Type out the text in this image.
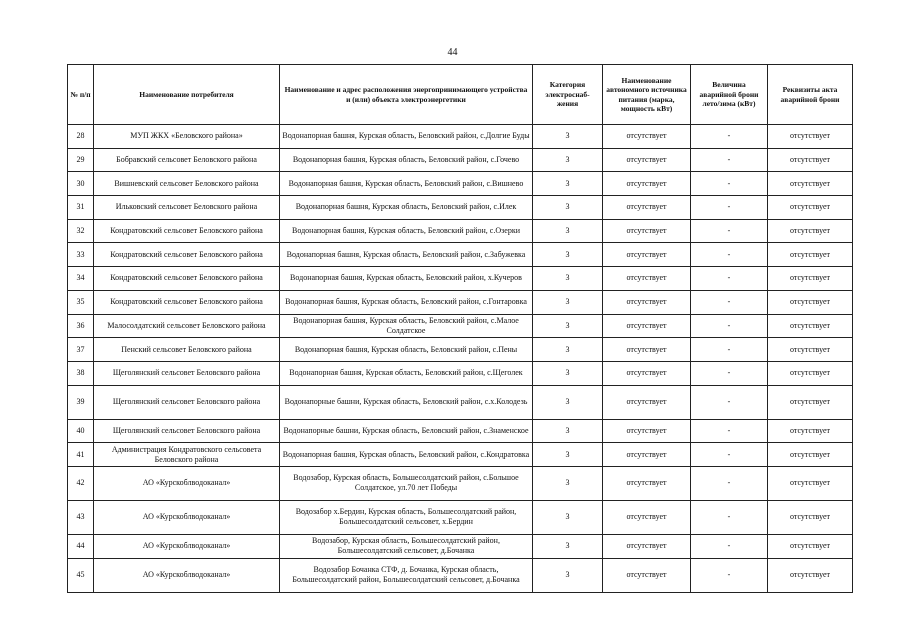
44
№ п/п	Наименование потребителя	Наименование и адрес расположения энергопринимающего устройства и (или) объекта электроэнергетики	Категория электроснаб-жения	Наименование автономного источника питания (марка, мощность кВт)	Величина аварийной брони лето/зима (кВт)	Реквизиты акта аварийной брони
28	МУП ЖКХ «Беловского района»	Водонапорная башня, Курская область, Беловский район, с.Долгие Буды	3	отсутствует	-	отсутствует
29	Бобравский сельсовет Беловского района	Водонапорная башня, Курская область, Беловский район, с.Гочево	3	отсутствует	-	отсутствует
30	Вишневский сельсовет Беловского района	Водонапорная башня, Курская область, Беловский район, с.Вишнево	3	отсутствует	-	отсутствует
31	Ильковский сельсовет Беловского района	Водонапорная башня, Курская область, Беловский район, с.Илек	3	отсутствует	-	отсутствует
32	Кондратовский сельсовет Беловского района	Водонапорная башня, Курская область, Беловский район, с.Озерки	3	отсутствует	-	отсутствует
33	Кондратовский сельсовет Беловского района	Водонапорная башня, Курская область, Беловский район, с.Забужевка	3	отсутствует	-	отсутствует
34	Кондратовский сельсовет Беловского района	Водонапорная башня, Курская область, Беловский район, х.Кучеров	3	отсутствует	-	отсутствует
35	Кондратовский сельсовет Беловского района	Водонапорная башня, Курская область, Беловский район, с.Гонтаровка	3	отсутствует	-	отсутствует
36	Малосолдатский сельсовет Беловского района	Водонапорная башня, Курская область, Беловский район, с.Малое Солдатское	3	отсутствует	-	отсутствует
37	Пенский сельсовет Беловского района	Водонапорная башня, Курская область, Беловский район, с.Пены	3	отсутствует	-	отсутствует
38	Щеголянский сельсовет Беловского района	Водонапорная башня, Курская область, Беловский район, с.Щеголек	3	отсутствует	-	отсутствует
39	Щеголянский сельсовет Беловского района	Водонапорные башни, Курская область, Беловский район, с.х.Колодезь	3	отсутствует	-	отсутствует
40	Щеголянский сельсовет Беловского района	Водонапорные башни, Курская область, Беловский район, с.Знаменское	3	отсутствует	-	отсутствует
41	Администрация Кондратовского сельсовета Беловского района	Водонапорная башня, Курская область, Беловский район, с.Кондратовка	3	отсутствует	-	отсутствует
42	АО «Курскоблводоканал»	Водозабор, Курская область, Большесолдатский район, с.Большое Солдатское, ул.70 лет Победы	3	отсутствует	-	отсутствует
43	АО «Курскоблводоканал»	Водозабор х.Бердин, Курская область, Большесолдатский район, Большесолдатский сельсовет, х.Бердин	3	отсутствует	-	отсутствует
44	АО «Курскоблводоканал»	Водозабор, Курская область, Большесолдатский район, Большесолдатский сельсовет, д.Бочанка	3	отсутствует	-	отсутствует
45	АО «Курскоблводоканал»	Водозабор Бочанка СТФ, д. Бочанка, Курская область, Большесолдатский район, Большесолдатский сельсовет, д.Бочанка	3	отсутствует	-	отсутствует
